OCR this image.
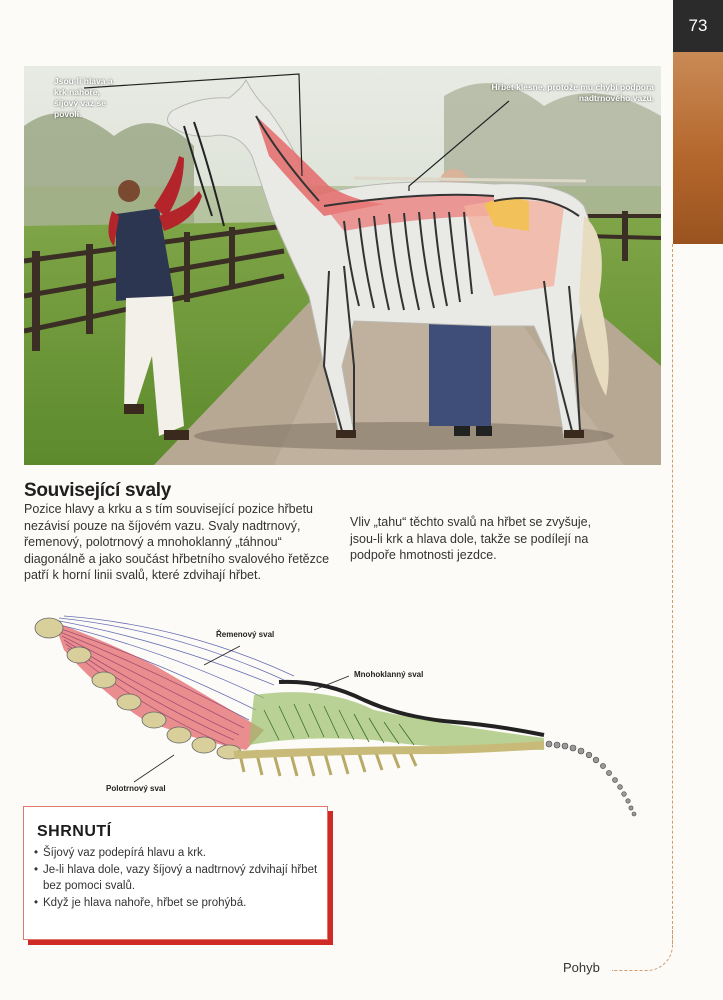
73
Pohyb
Jsou-li hlava a krk nahoře, šíjový vaz se povolí.
Hřbet klesne, protože mu chybí podpora nadtrnového vazu.
Související svaly
Pozice hlavy a krku a s tím související pozice hřbetu nezávisí pouze na šíjovém vazu. Svaly nadtrnový, řemenový, polotrnový a mnohoklanný „táhnou“ diagonálně a jako součást hřbetního svalového řetězce patří k horní linii svalů, které zdvihají hřbet.
Vliv „tahu“ těchto svalů na hřbet se zvyšuje, jsou-li krk a hlava dole, takže se podílejí na podpoře hmotnosti jezdce.
Řemenový sval
Mnohoklanný sval
Polotrnový sval
SHRNUTÍ
• Šíjový vaz podepírá hlavu a krk.
• Je-li hlava dole, vazy šíjový a nadtrnový zdvihají hřbet bez pomoci svalů.
• Když je hlava nahoře, hřbet se prohýbá.
